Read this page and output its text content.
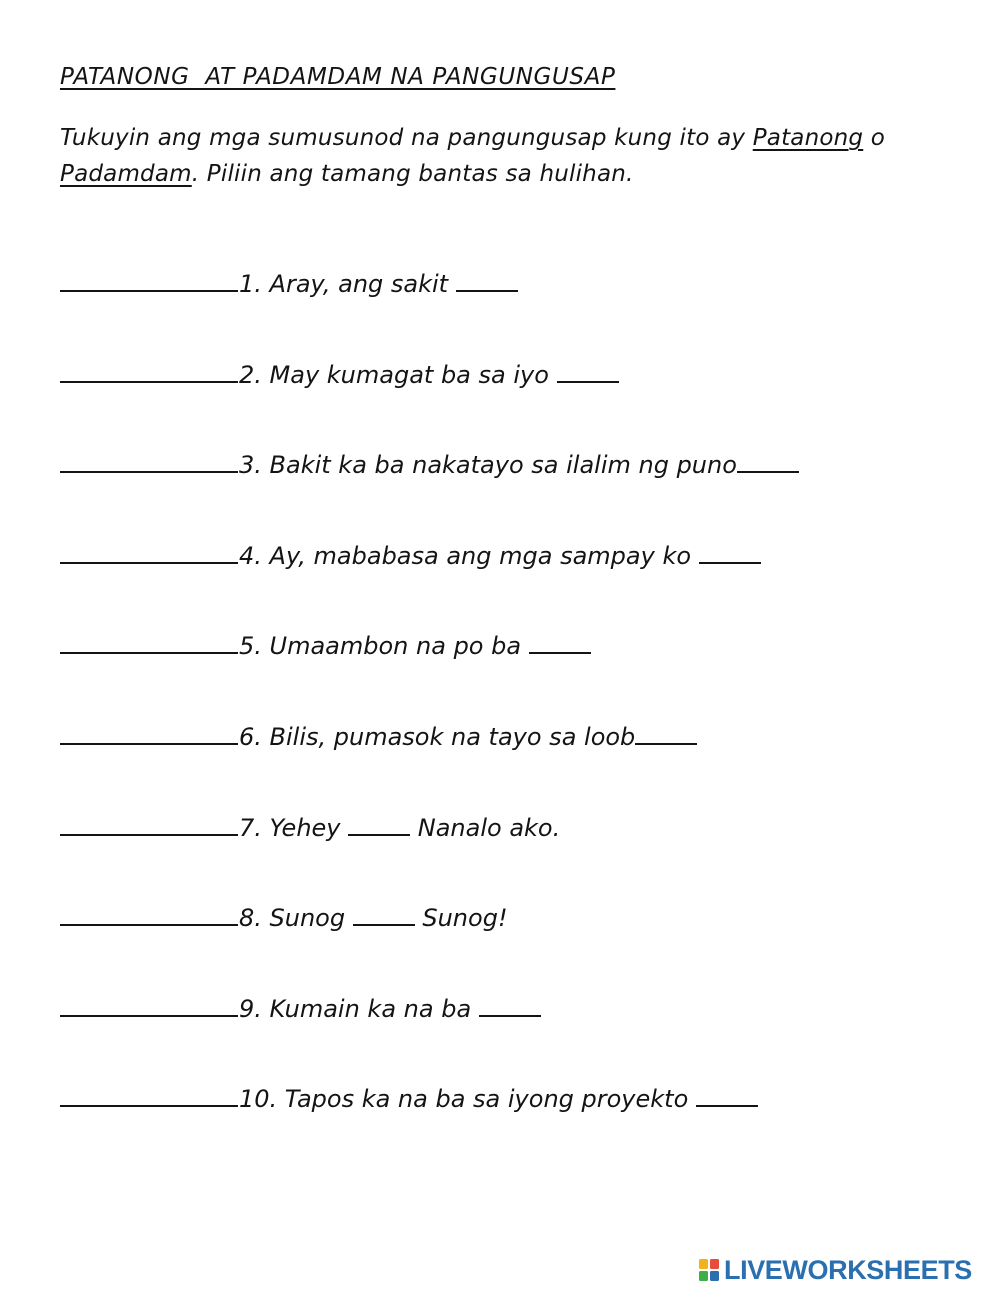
PATANONG  AT PADAMDAM NA PANGUNGUSAP
Tukuyin ang mga sumusunod na pangungusap kung ito ay Patanong o Padamdam. Piliin ang tamang bantas sa hulihan.
1. Aray, ang sakit
2. May kumagat ba sa iyo
3. Bakit ka ba nakatayo sa ilalim ng puno
4. Ay, mababasa ang mga sampay ko
5. Umaambon na po ba
6. Bilis, pumasok na tayo sa loob
7. Yehey	Nanalo ako.
8. Sunog	Sunog!
9. Kumain ka na ba
10. Tapos ka na ba sa iyong proyekto
LIVEWORKSHEETS
